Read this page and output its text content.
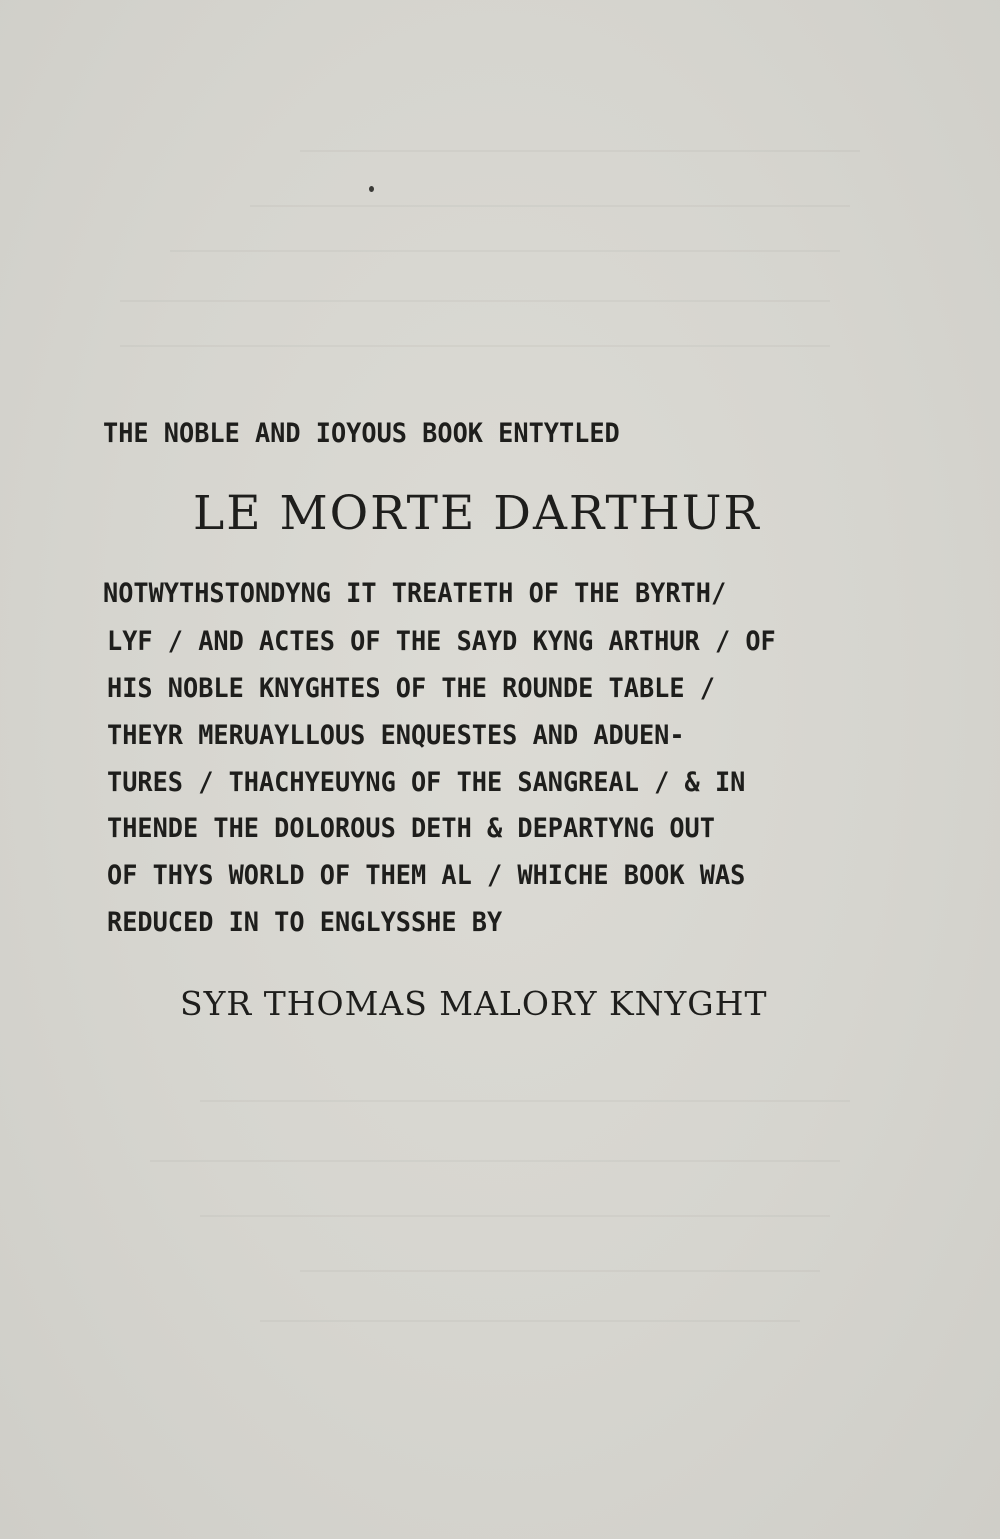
THE NOBLE AND IOYOUS BOOK ENTYTLED

LE MORTE DARTHUR

NOTWYTHSTONDYNG IT TREATETH OF THE BYRTH/

LYF / AND ACTES OF THE SAYD KYNG ARTHUR / OF

HIS NOBLE KNYGHTES OF THE ROUNDE TABLE /

THEYR MERUAYLLOUS ENQUESTES AND ADUEN-

TURES / THACHYEUYNG OF THE SANGREAL / & IN

THENDE THE DOLOROUS DETH & DEPARTYNG OUT

OF THYS WORLD OF THEM AL / WHICHE BOOK WAS

REDUCED IN TO ENGLYSSHE BY

SYR THOMAS MALORY KNYGHT
